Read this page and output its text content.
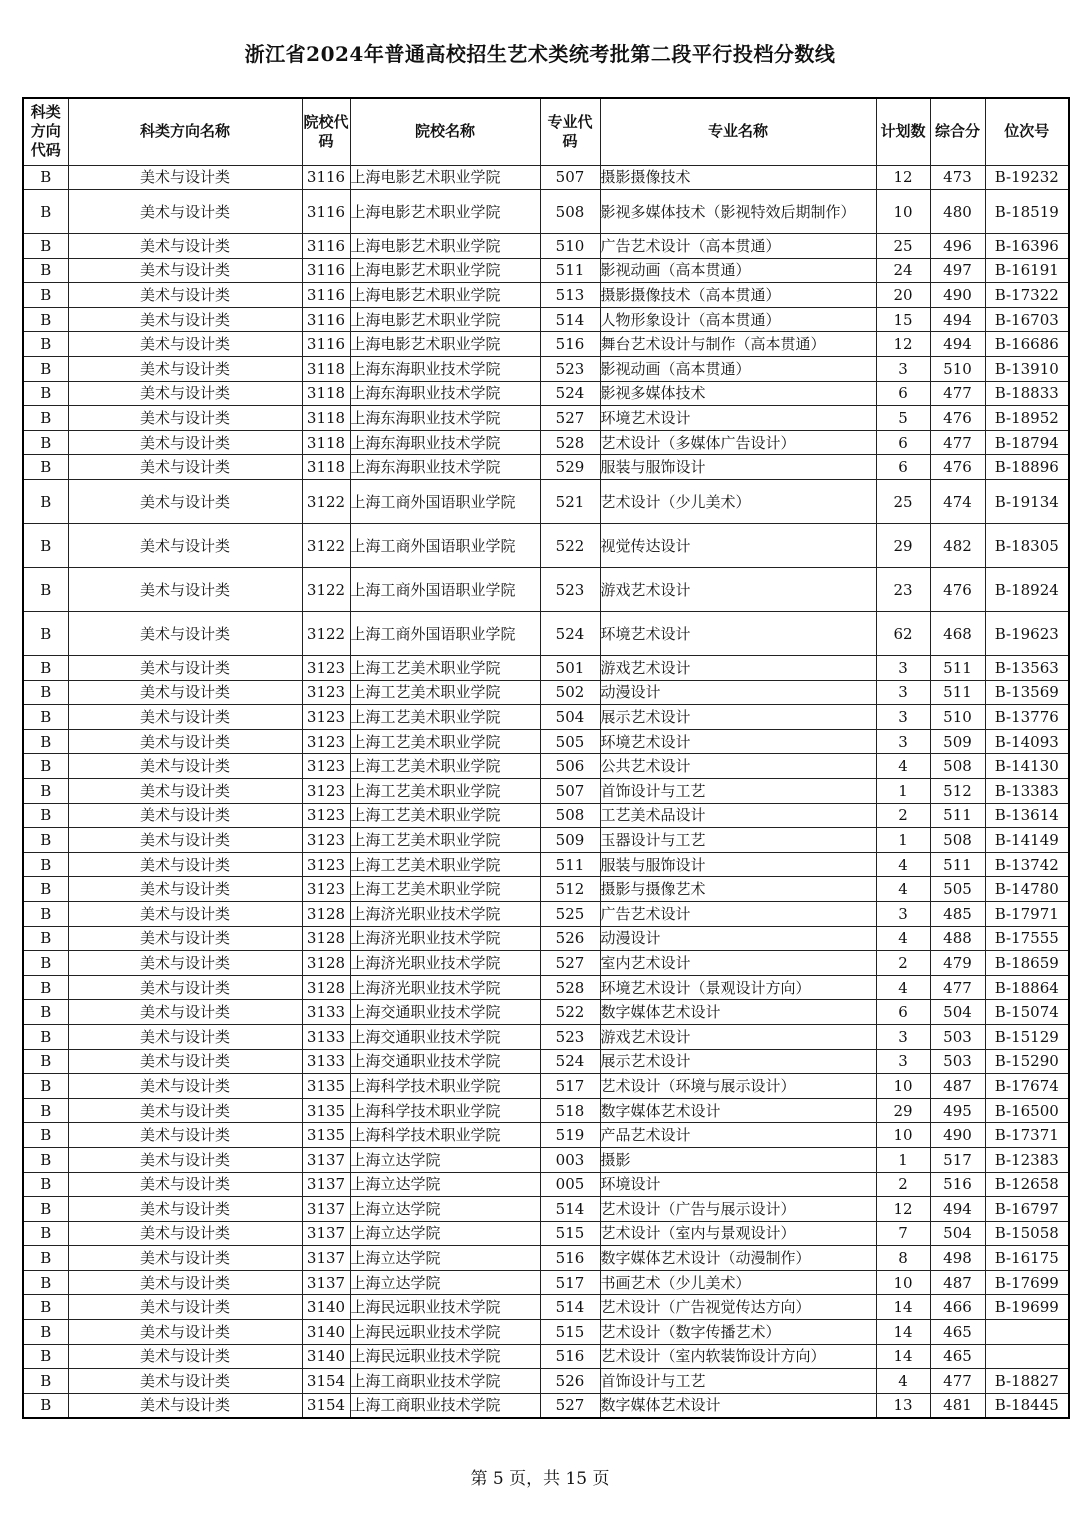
浙江省2024年普通高校招生艺术类统考批第二段平行投档分数线
科类方向代码	科类方向名称	院校代码	院校名称	专业代码	专业名称	计划数	综合分	位次号
B	美术与设计类	3116	上海电影艺术职业学院	507	摄影摄像技术	12	473	B-19232
B	美术与设计类	3116	上海电影艺术职业学院	508	影视多媒体技术（影视特效后期制作）	10	480	B-18519
B	美术与设计类	3116	上海电影艺术职业学院	510	广告艺术设计（高本贯通）	25	496	B-16396
B	美术与设计类	3116	上海电影艺术职业学院	511	影视动画（高本贯通）	24	497	B-16191
B	美术与设计类	3116	上海电影艺术职业学院	513	摄影摄像技术（高本贯通）	20	490	B-17322
B	美术与设计类	3116	上海电影艺术职业学院	514	人物形象设计（高本贯通）	15	494	B-16703
B	美术与设计类	3116	上海电影艺术职业学院	516	舞台艺术设计与制作（高本贯通）	12	494	B-16686
B	美术与设计类	3118	上海东海职业技术学院	523	影视动画（高本贯通）	3	510	B-13910
B	美术与设计类	3118	上海东海职业技术学院	524	影视多媒体技术	6	477	B-18833
B	美术与设计类	3118	上海东海职业技术学院	527	环境艺术设计	5	476	B-18952
B	美术与设计类	3118	上海东海职业技术学院	528	艺术设计（多媒体广告设计）	6	477	B-18794
B	美术与设计类	3118	上海东海职业技术学院	529	服装与服饰设计	6	476	B-18896
B	美术与设计类	3122	上海工商外国语职业学院	521	艺术设计（少儿美术）	25	474	B-19134
B	美术与设计类	3122	上海工商外国语职业学院	522	视觉传达设计	29	482	B-18305
B	美术与设计类	3122	上海工商外国语职业学院	523	游戏艺术设计	23	476	B-18924
B	美术与设计类	3122	上海工商外国语职业学院	524	环境艺术设计	62	468	B-19623
B	美术与设计类	3123	上海工艺美术职业学院	501	游戏艺术设计	3	511	B-13563
B	美术与设计类	3123	上海工艺美术职业学院	502	动漫设计	3	511	B-13569
B	美术与设计类	3123	上海工艺美术职业学院	504	展示艺术设计	3	510	B-13776
B	美术与设计类	3123	上海工艺美术职业学院	505	环境艺术设计	3	509	B-14093
B	美术与设计类	3123	上海工艺美术职业学院	506	公共艺术设计	4	508	B-14130
B	美术与设计类	3123	上海工艺美术职业学院	507	首饰设计与工艺	1	512	B-13383
B	美术与设计类	3123	上海工艺美术职业学院	508	工艺美术品设计	2	511	B-13614
B	美术与设计类	3123	上海工艺美术职业学院	509	玉器设计与工艺	1	508	B-14149
B	美术与设计类	3123	上海工艺美术职业学院	511	服装与服饰设计	4	511	B-13742
B	美术与设计类	3123	上海工艺美术职业学院	512	摄影与摄像艺术	4	505	B-14780
B	美术与设计类	3128	上海济光职业技术学院	525	广告艺术设计	3	485	B-17971
B	美术与设计类	3128	上海济光职业技术学院	526	动漫设计	4	488	B-17555
B	美术与设计类	3128	上海济光职业技术学院	527	室内艺术设计	2	479	B-18659
B	美术与设计类	3128	上海济光职业技术学院	528	环境艺术设计（景观设计方向）	4	477	B-18864
B	美术与设计类	3133	上海交通职业技术学院	522	数字媒体艺术设计	6	504	B-15074
B	美术与设计类	3133	上海交通职业技术学院	523	游戏艺术设计	3	503	B-15129
B	美术与设计类	3133	上海交通职业技术学院	524	展示艺术设计	3	503	B-15290
B	美术与设计类	3135	上海科学技术职业学院	517	艺术设计（环境与展示设计）	10	487	B-17674
B	美术与设计类	3135	上海科学技术职业学院	518	数字媒体艺术设计	29	495	B-16500
B	美术与设计类	3135	上海科学技术职业学院	519	产品艺术设计	10	490	B-17371
B	美术与设计类	3137	上海立达学院	003	摄影	1	517	B-12383
B	美术与设计类	3137	上海立达学院	005	环境设计	2	516	B-12658
B	美术与设计类	3137	上海立达学院	514	艺术设计（广告与展示设计）	12	494	B-16797
B	美术与设计类	3137	上海立达学院	515	艺术设计（室内与景观设计）	7	504	B-15058
B	美术与设计类	3137	上海立达学院	516	数字媒体艺术设计（动漫制作）	8	498	B-16175
B	美术与设计类	3137	上海立达学院	517	书画艺术（少儿美术）	10	487	B-17699
B	美术与设计类	3140	上海民远职业技术学院	514	艺术设计（广告视觉传达方向）	14	466	B-19699
B	美术与设计类	3140	上海民远职业技术学院	515	艺术设计（数字传播艺术）	14	465	
B	美术与设计类	3140	上海民远职业技术学院	516	艺术设计（室内软装饰设计方向）	14	465	
B	美术与设计类	3154	上海工商职业技术学院	526	首饰设计与工艺	4	477	B-18827
B	美术与设计类	3154	上海工商职业技术学院	527	数字媒体艺术设计	13	481	B-18445
第 5 页，共 15 页
